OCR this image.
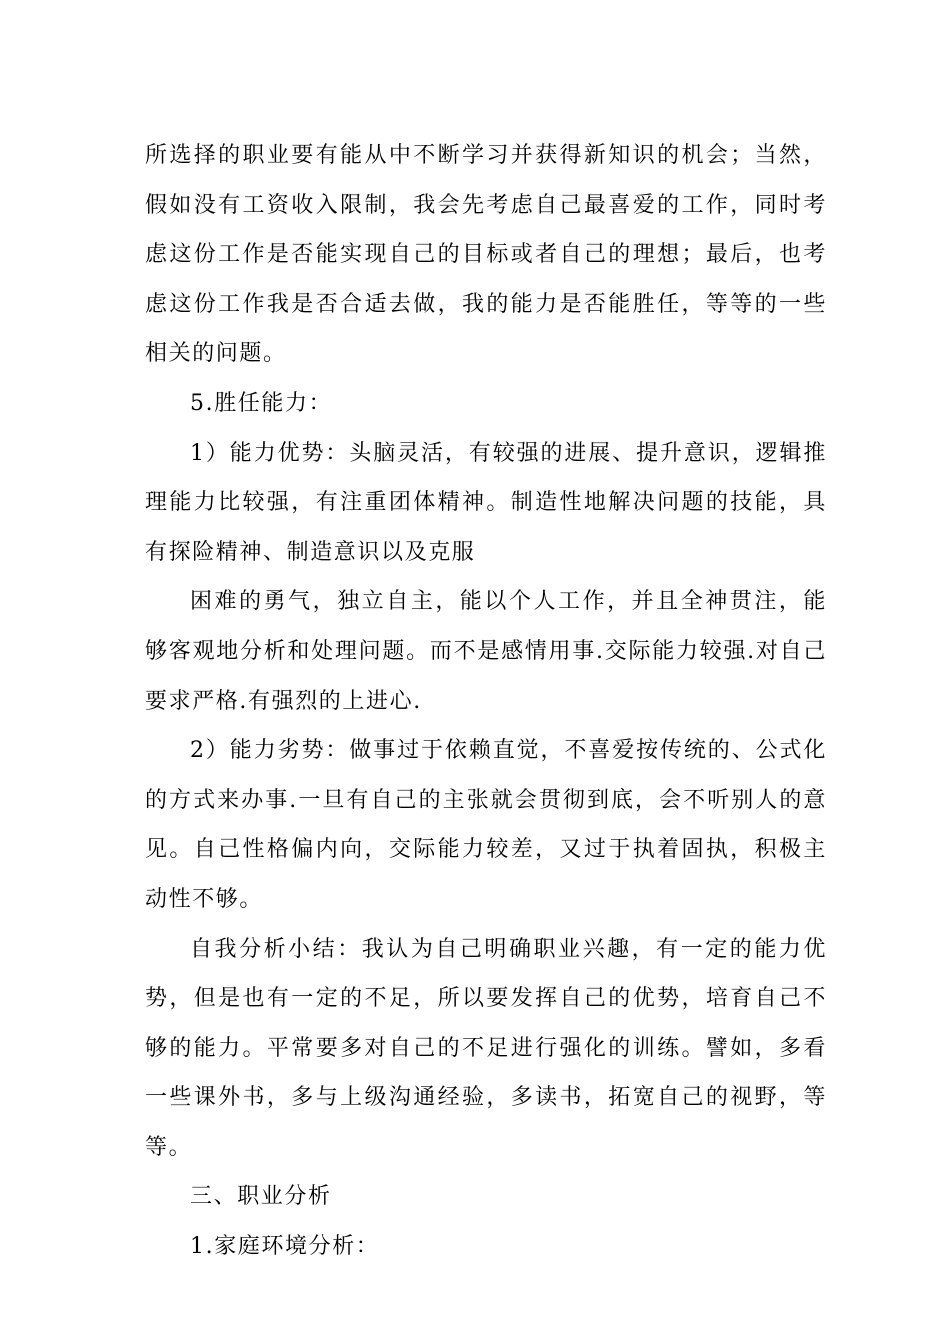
所选择的职业要有能从中不断学习并获得新知识的机会；当然，假如没有工资收入限制，我会先考虑自己最喜爱的工作，同时考虑这份工作是否能实现自己的目标或者自己的理想；最后，也考虑这份工作我是否合适去做，我的能力是否能胜任，等等的一些相关的问题。

5.胜任能力：

1）能力优势：头脑灵活，有较强的进展、提升意识，逻辑推理能力比较强，有注重团体精神。制造性地解决问题的技能，具有探险精神、制造意识以及克服

困难的勇气，独立自主，能以个人工作，并且全神贯注，能够客观地分析和处理问题。而不是感情用事.交际能力较强.对自己要求严格.有强烈的上进心.

2）能力劣势：做事过于依赖直觉，不喜爱按传统的、公式化的方式来办事.一旦有自己的主张就会贯彻到底，会不听别人的意见。自己性格偏内向，交际能力较差，又过于执着固执，积极主动性不够。

自我分析小结：我认为自己明确职业兴趣，有一定的能力优势，但是也有一定的不足，所以要发挥自己的优势，培育自己不够的能力。平常要多对自己的不足进行强化的训练。譬如，多看一些课外书，多与上级沟通经验，多读书，拓宽自己的视野，等等。

三、职业分析

1.家庭环境分析：
